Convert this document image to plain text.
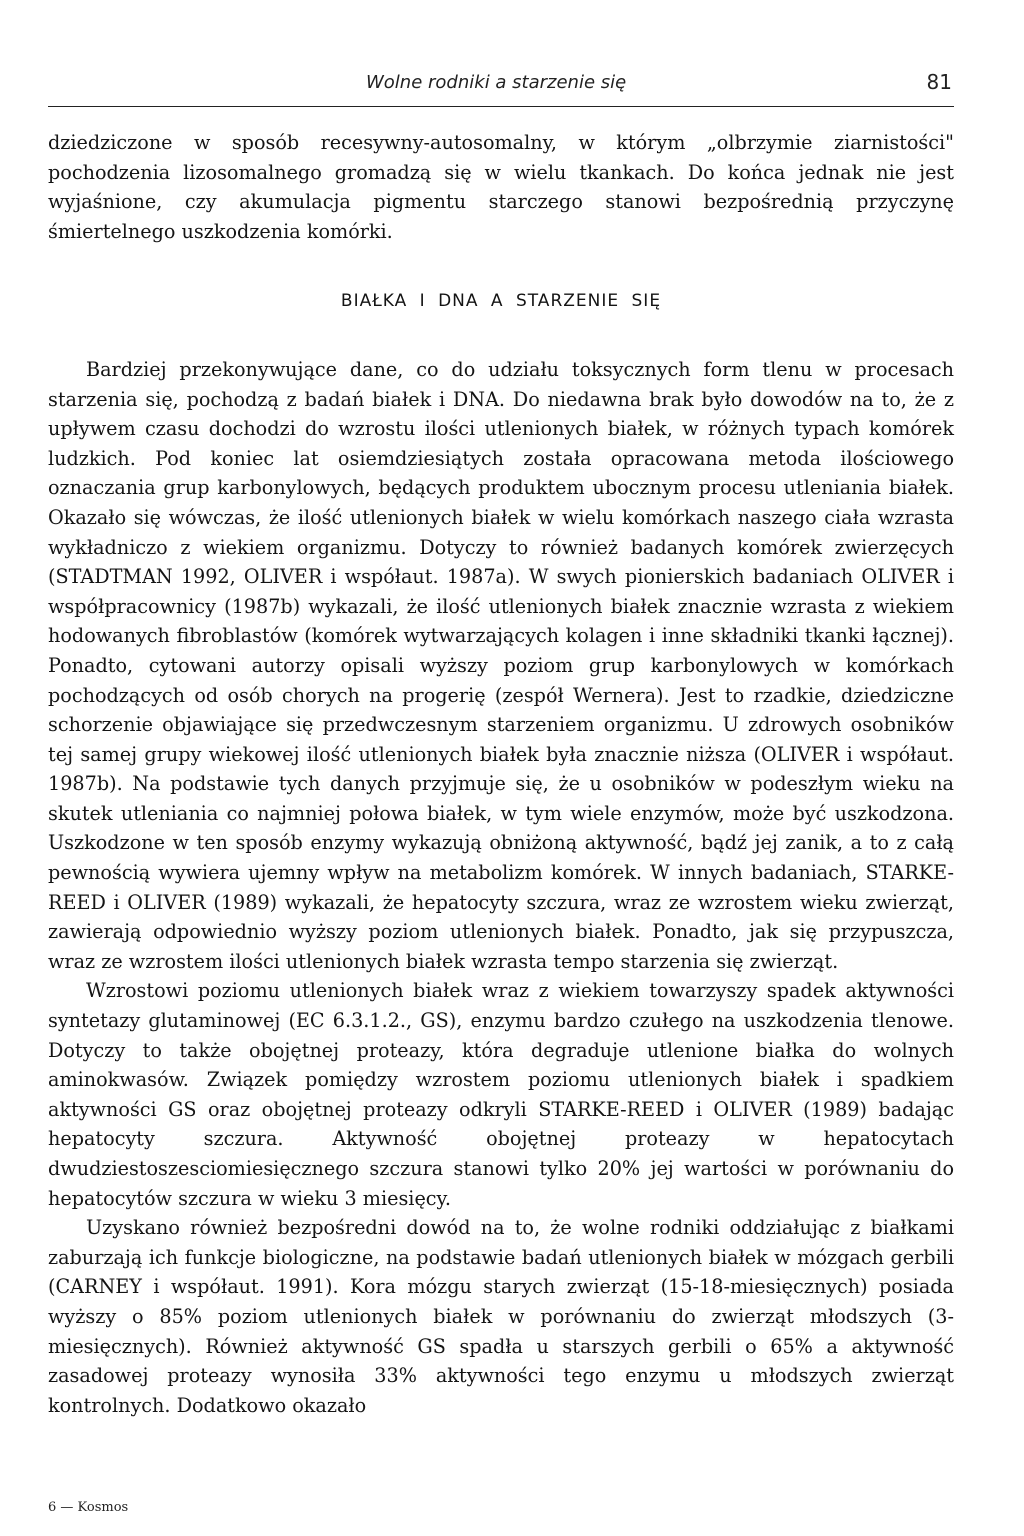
Wolne rodniki a starzenie się	81

dziedziczone w sposób recesywny-autosomalny, w którym „olbrzymie ziarnistości" pochodzenia lizosomalnego gromadzą się w wielu tkankach. Do końca jednak nie jest wyjaśnione, czy akumulacja pigmentu starczego stanowi bezpośrednią przyczynę śmiertelnego uszkodzenia komórki.

BIAŁKA I DNA A STARZENIE SIĘ

Bardziej przekonywujące dane, co do udziału toksycznych form tlenu w procesach starzenia się, pochodzą z badań białek i DNA. Do niedawna brak było dowodów na to, że z upływem czasu dochodzi do wzrostu ilości utlenionych białek, w różnych typach komórek ludzkich. Pod koniec lat osiemdziesiątych została opracowana metoda ilościowego oznaczania grup karbonylowych, będących produktem ubocznym procesu utleniania białek. Okazało się wówczas, że ilość utlenionych białek w wielu komórkach naszego ciała wzrasta wykładniczo z wiekiem organizmu. Dotyczy to również badanych komórek zwierzęcych (STADTMAN 1992, OLIVER i współaut. 1987a). W swych pionierskich badaniach OLIVER i współpracownicy (1987b) wykazali, że ilość utlenionych białek znacznie wzrasta z wiekiem hodowanych fibroblastów (komórek wytwarzających kolagen i inne składniki tkanki łącznej). Ponadto, cytowani autorzy opisali wyższy poziom grup karbonylowych w komórkach pochodzących od osób chorych na progerię (zespół Wernera). Jest to rzadkie, dziedziczne schorzenie objawiające się przedwczesnym starzeniem organizmu. U zdrowych osobników tej samej grupy wiekowej ilość utlenionych białek była znacznie niższa (OLIVER i współaut. 1987b). Na podstawie tych danych przyjmuje się, że u osobników w podeszłym wieku na skutek utleniania co najmniej połowa białek, w tym wiele enzymów, może być uszkodzona. Uszkodzone w ten sposób enzymy wykazują obniżoną aktywność, bądź jej zanik, a to z całą pewnością wywiera ujemny wpływ na metabolizm komórek. W innych badaniach, STARKE-REED i OLIVER (1989) wykazali, że hepatocyty szczura, wraz ze wzrostem wieku zwierząt, zawierają odpowiednio wyższy poziom utlenionych białek. Ponadto, jak się przypuszcza, wraz ze wzrostem ilości utlenionych białek wzrasta tempo starzenia się zwierząt.

Wzrostowi poziomu utlenionych białek wraz z wiekiem towarzyszy spadek aktywności syntetazy glutaminowej (EC 6.3.1.2., GS), enzymu bardzo czułego na uszkodzenia tlenowe. Dotyczy to także obojętnej proteazy, która degraduje utlenione białka do wolnych aminokwasów. Związek pomiędzy wzrostem poziomu utlenionych białek i spadkiem aktywności GS oraz obojętnej proteazy odkryli STARKE-REED i OLIVER (1989) badając hepatocyty szczura. Aktywność obojętnej proteazy w hepatocytach dwudziestoszesciomiesięcznego szczura stanowi tylko 20% jej wartości w porównaniu do hepatocytów szczura w wieku 3 miesięcy.

Uzyskano również bezpośredni dowód na to, że wolne rodniki oddziałując z białkami zaburzają ich funkcje biologiczne, na podstawie badań utlenionych białek w mózgach gerbili (CARNEY i współaut. 1991). Kora mózgu starych zwierząt (15-18-miesięcznych) posiada wyższy o 85% poziom utlenionych białek w porównaniu do zwierząt młodszych (3-miesięcznych). Również aktywność GS spadła u starszych gerbili o 65% a aktywność zasadowej proteazy wynosiła 33% aktywności tego enzymu u młodszych zwierząt kontrolnych. Dodatkowo okazało

6 — Kosmos
